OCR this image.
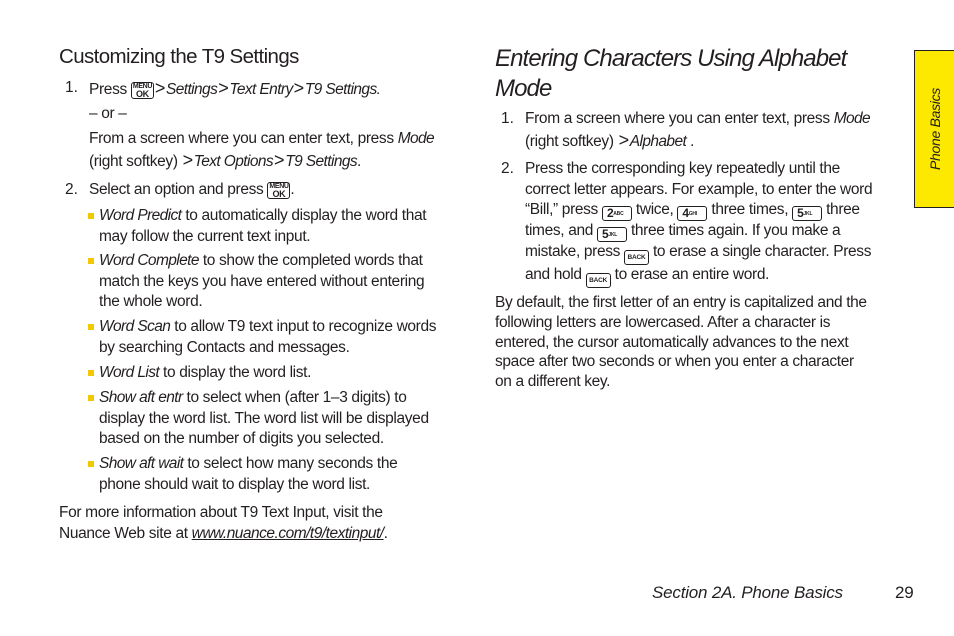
Customizing the T9 Settings
1. Press MENU
OK >Settings>Text Entry>T9 Settings.
– or –
From a screen where you can enter text, press Mode
(right softkey) >Text Options>T9 Settings.
2. Select an option and press MENU
OK .
Word Predict to automatically display the word that
may follow the current text input.
Word Complete to show the completed words that
match the keys you have entered without entering
the whole word.
Word Scan to allow T9 text input to recognize words
by searching Contacts and messages.
Word List to display the word list.
Show aft entr to select when (after 1–3 digits) to
display the word list. The word list will be displayed
based on the number of digits you selected.
Show aft wait to select how many seconds the
phone should wait to display the word list.
For more information about T9 Text Input, visit the
Nuance Web site at www.nuance.com/t9/textinput/.
Entering Characters Using Alphabet
Mode
1. From a screen where you can enter text, press Mode
(right softkey) >Alphabet .
2. Press the corresponding key repeatedly until the
correct letter appears. For example, to enter the word
“Bill,” press $2^{ABC}$ twice, $4^{GHI}$ three times, $5^{JKL}$ three
times, and $5^{JKL}$ three times again. If you make a
mistake, press BACK to erase a single character. Press
and hold BACK to erase an entire word.
By default, the first letter of an entry is capitalized and the
following letters are lowercased. After a character is
entered, the cursor automatically advances to the next
space after two seconds or when you enter a character
on a different key.
Phone Basics
Section 2A. Phone Basics	29
